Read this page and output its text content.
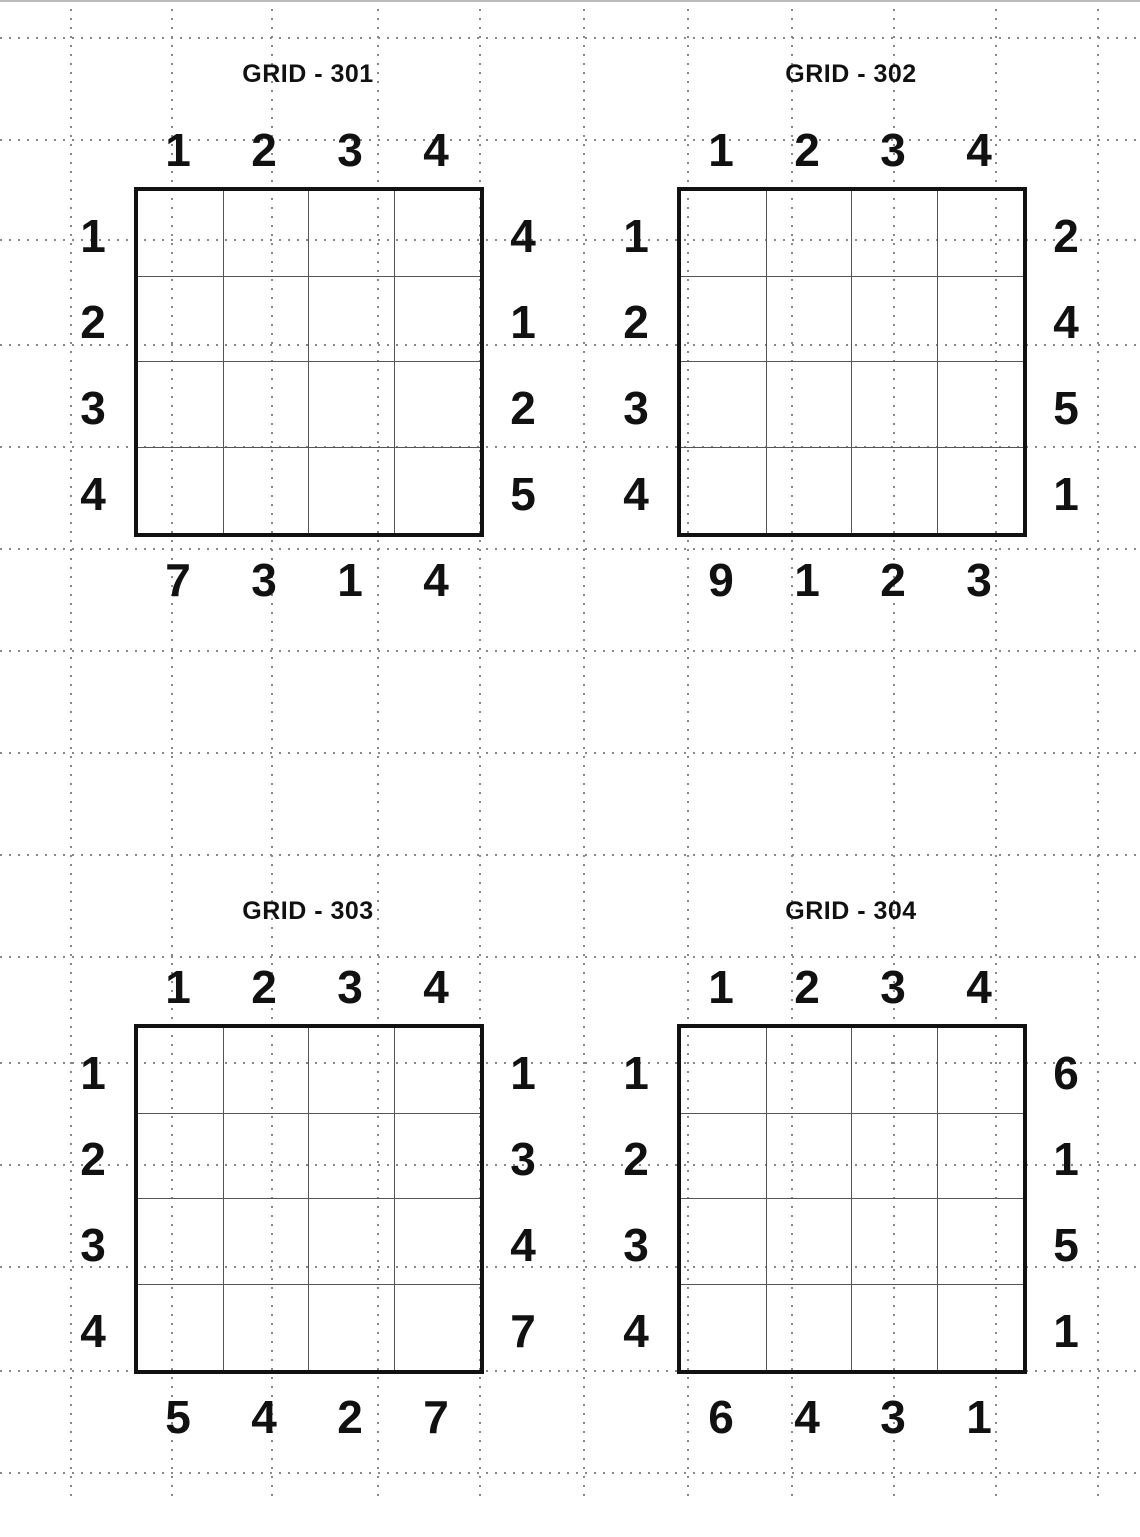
GRID - 301
1	2	3	4
1
2
3
4
4
1
2
5
7	3	1	4
GRID - 302
1	2	3	4
1
2
3
4
2
4
5
1
9	1	2	3
GRID - 303
1	2	3	4
1
2
3
4
1
3
4
7
5	4	2	7
GRID - 304
1	2	3	4
1
2
3
4
6
1
5
1
6	4	3	1
